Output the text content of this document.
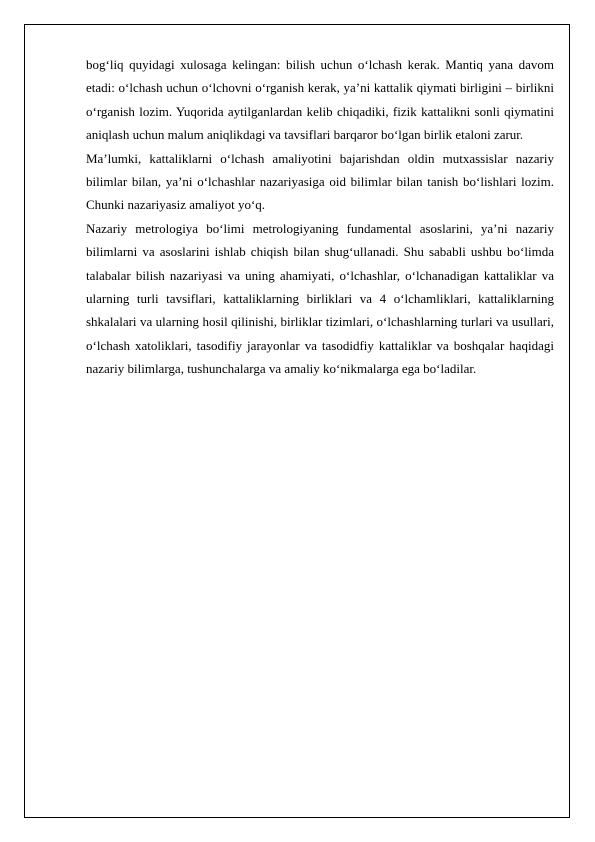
bog‘liq quyidagi xulosaga kelingan: bilish uchun o‘lchash kerak. Mantiq yana davom etadi: o‘lchash uchun o‘lchovni o‘rganish kerak, ya’ni kattalik qiymati birligini – birlikni o‘rganish lozim. Yuqorida aytilganlardan kelib chiqadiki, fizik kattalikni sonli qiymatini aniqlash uchun malum aniqlikdagi va tavsiflari barqaror bo‘lgan birlik etaloni zarur.

Ma’lumki, kattaliklarni o‘lchash amaliyotini bajarishdan oldin mutxassislar nazariy bilimlar bilan, ya’ni o‘lchashlar nazariyasiga oid bilimlar bilan tanish bo‘lishlari lozim. Chunki nazariyasiz amaliyot yo‘q.

Nazariy metrologiya bo‘limi metrologiyaning fundamental asoslarini, ya’ni nazariy bilimlarni va asoslarini ishlab chiqish bilan shug‘ullanadi. Shu sababli ushbu bo‘limda talabalar bilish nazariyasi va uning ahamiyati, o‘lchashlar, o‘lchanadigan kattaliklar va ularning turli tavsiflari, kattaliklarning birliklari va 4 o‘lchamliklari, kattaliklarning shkalalari va ularning hosil qilinishi, birliklar tizimlari, o‘lchashlarning turlari va usullari, o‘lchash xatoliklari, tasodifiy jarayonlar va tasodidfiy kattaliklar va boshqalar haqidagi nazariy bilimlarga, tushunchalarga va amaliy ko‘nikmalarga ega bo‘ladilar.
